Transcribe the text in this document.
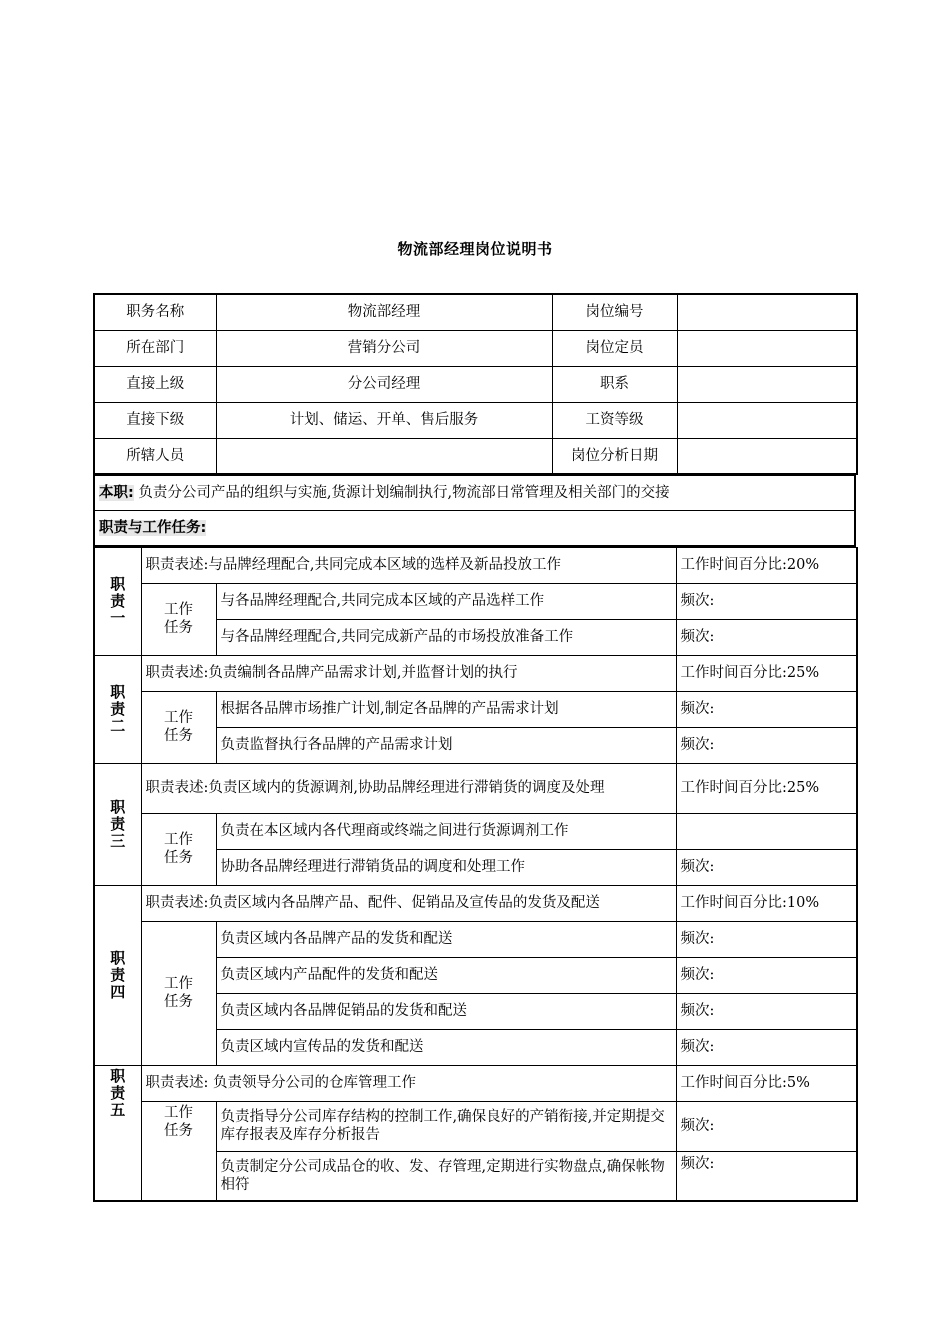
物流部经理岗位说明书
职务名称	物流部经理	岗位编号	
所在部门	营销分公司	岗位定员	
直接上级	分公司经理	职系	
直接下级	计划、储运、开单、售后服务	工资等级	
所辖人员		岗位分析日期	
本职: 负责分公司产品的组织与实施,货源计划编制执行,物流部日常管理及相关部门的交接
职责与工作任务:
职责一	职责表述:与品牌经理配合,共同完成本区域的选样及新品投放工作		工作时间百分比:20%
	工作任务	与各品牌经理配合,共同完成本区域的产品选样工作	频次:
		与各品牌经理配合,共同完成新产品的市场投放准备工作	频次:
职责二	职责表述:负责编制各品牌产品需求计划,并监督计划的执行		工作时间百分比:25%
	工作任务	根据各品牌市场推广计划,制定各品牌的产品需求计划	频次:
		负责监督执行各品牌的产品需求计划	频次:
职责三	职责表述:负责区域内的货源调剂,协助品牌经理进行滞销货的调度及处理		工作时间百分比:25%
	工作任务	负责在本区域内各代理商或终端之间进行货源调剂工作	
		协助各品牌经理进行滞销货品的调度和处理工作	频次:
职责四	职责表述:负责区域内各品牌产品、配件、促销品及宣传品的发货及配送		工作时间百分比:10%
	工作任务	负责区域内各品牌产品的发货和配送	频次:
		负责区域内产品配件的发货和配送	频次:
		负责区域内各品牌促销品的发货和配送	频次:
		负责区域内宣传品的发货和配送	频次:
职责五	职责表述: 负责领导分公司的仓库管理工作		工作时间百分比:5%
	工作任务	负责指导分公司库存结构的控制工作,确保良好的产销衔接,并定期提交库存报表及库存分析报告	频次:
		负责制定分公司成品仓的收、发、存管理,定期进行实物盘点,确保帐物相符	频次:
